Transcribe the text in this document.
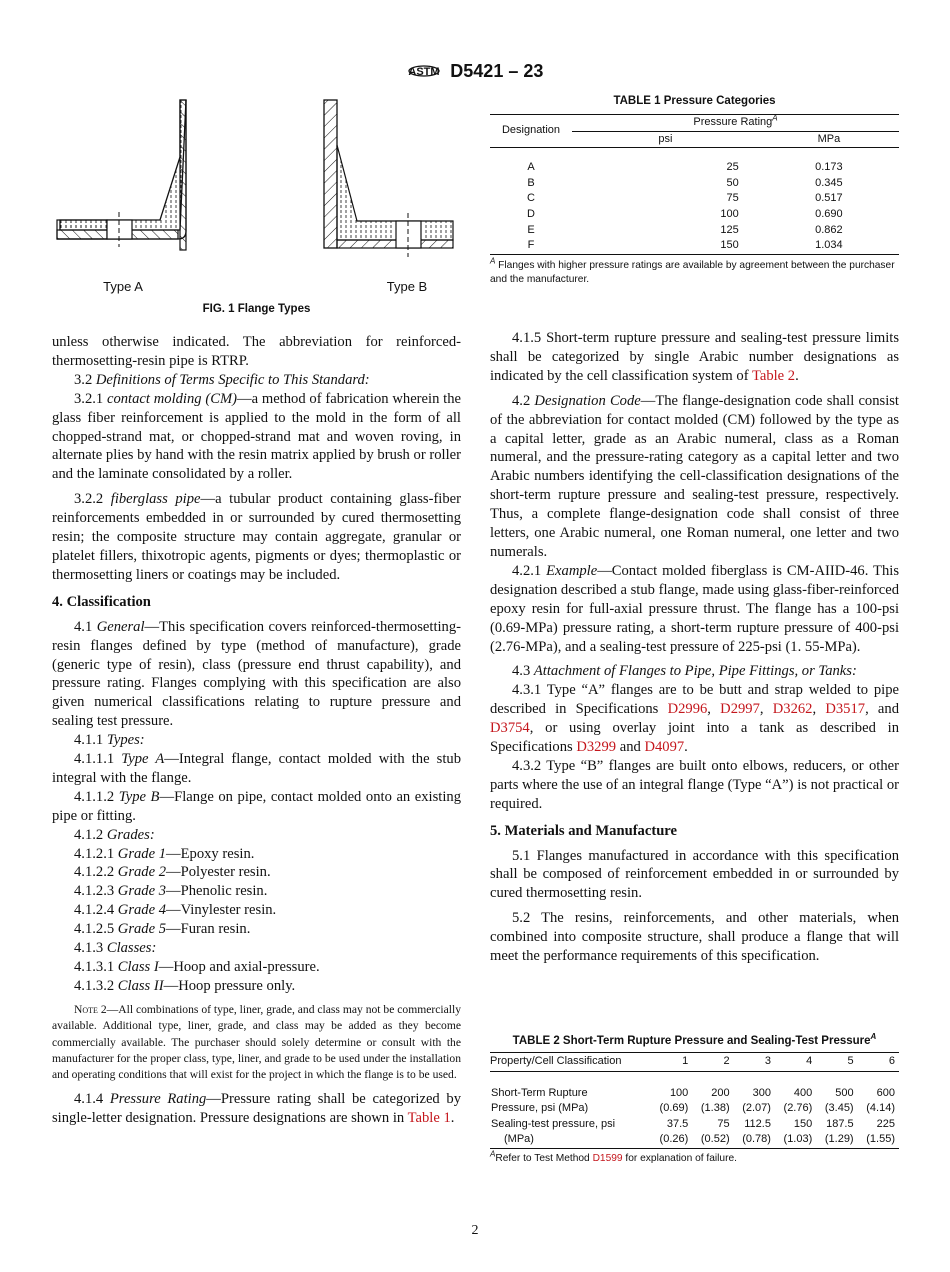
ASTM D5421 – 23
Type A	Type B
FIG. 1 Flange Types
TABLE 1 Pressure Categories
Designation	Pressure Rating$^A$
	psi	MPa

A	25	0.173
B	50	0.345
C	75	0.517
D	100	0.690
E	125	0.862
F	150	1.034
$^A$ Flanges with higher pressure ratings are available by agreement between the purchaser and the manufacturer.

unless otherwise indicated. The abbreviation for reinforced-thermosetting-resin pipe is RTRP.

3.2 Definitions of Terms Specific to This Standard:

3.2.1 contact molding (CM)—a method of fabrication wherein the glass fiber reinforcement is applied to the mold in the form of all chopped-strand mat, or chopped-strand mat and woven roving, in alternate plies by hand with the resin matrix applied by brush or roller and the laminate consolidated by a roller.

3.2.2 fiberglass pipe—a tubular product containing glass-fiber reinforcements embedded in or surrounded by cured thermosetting resin; the composite structure may contain aggregate, granular or platelet fillers, thixotropic agents, pigments or dyes; thermoplastic or thermosetting liners or coatings may be included.

4. Classification

4.1 General—This specification covers reinforced-thermosetting-resin flanges defined by type (method of manufacture), grade (generic type of resin), class (pressure end thrust capability), and pressure rating. Flanges complying with this specification are also given numerical classifications relating to rupture pressure and sealing test pressure.

4.1.1 Types:

4.1.1.1 Type A—Integral flange, contact molded with the stub integral with the flange.

4.1.1.2 Type B—Flange on pipe, contact molded onto an existing pipe or fitting.

4.1.2 Grades:

4.1.2.1 Grade 1—Epoxy resin.

4.1.2.2 Grade 2—Polyester resin.

4.1.2.3 Grade 3—Phenolic resin.

4.1.2.4 Grade 4—Vinylester resin.

4.1.2.5 Grade 5—Furan resin.

4.1.3 Classes:

4.1.3.1 Class I—Hoop and axial-pressure.

4.1.3.2 Class II—Hoop pressure only.

Note 2—All combinations of type, liner, grade, and class may not be commercially available. Additional type, liner, grade, and class may be added as they become commercially available. The purchaser should solely determine or consult with the manufacturer for the proper class, type, liner, and grade to be used under the installation and operating conditions that will exist for the project in which the flange is to be used.

4.1.4 Pressure Rating—Pressure rating shall be categorized by single-letter designation. Pressure designations are shown in Table 1.

4.1.5 Short-term rupture pressure and sealing-test pressure limits shall be categorized by single Arabic number designations as indicated by the cell classification system of Table 2.

4.2 Designation Code—The flange-designation code shall consist of the abbreviation for contact molded (CM) followed by the type as a capital letter, grade as an Arabic numeral, class as a Roman numeral, and the pressure-rating category as a capital letter and two Arabic numbers identifying the cell-classification designations of the short-term rupture pressure and sealing-test pressure, respectively. Thus, a complete flange-designation code shall consist of three letters, one Arabic numeral, one Roman numeral, one letter and two numerals.

4.2.1 Example—Contact molded fiberglass is CM-AIID-46. This designation described a stub flange, made using glass-fiber-reinforced epoxy resin for full-axial pressure thrust. The flange has a 100-psi (0.69-MPa) pressure rating, a short-term rupture pressure of 400-psi (2.76-MPa), and a sealing-test pressure of 225-psi (1. 55-MPa).

4.3 Attachment of Flanges to Pipe, Pipe Fittings, or Tanks:

4.3.1 Type “A” flanges are to be butt and strap welded to pipe described in Specifications D2996, D2997, D3262, D3517, and D3754, or using overlay joint into a tank as described in Specifications D3299 and D4097.

4.3.2 Type “B” flanges are built onto elbows, reducers, or other parts where the use of an integral flange (Type “A”) is not practical or required.

5. Materials and Manufacture

5.1 Flanges manufactured in accordance with this specification shall be composed of reinforcement embedded in or surrounded by cured thermosetting resin.

5.2 The resins, reinforcements, and other materials, when combined into composite structure, shall produce a flange that will meet the performance requirements of this specification.

TABLE 2 Short-Term Rupture Pressure and Sealing-Test Pressure$^A$
Property/Cell Classification	1	2	3	4	5	6

Short-Term Rupture	100	200	300	400	500	600
Pressure, psi (MPa)	(0.69)	(1.38)	(2.07)	(2.76)	(3.45)	(4.14)
Sealing-test pressure, psi	37.5	75	112.5	150	187.5	225
(MPa)	(0.26)	(0.52)	(0.78)	(1.03)	(1.29)	(1.55)
$^A$Refer to Test Method D1599 for explanation of failure.
2
